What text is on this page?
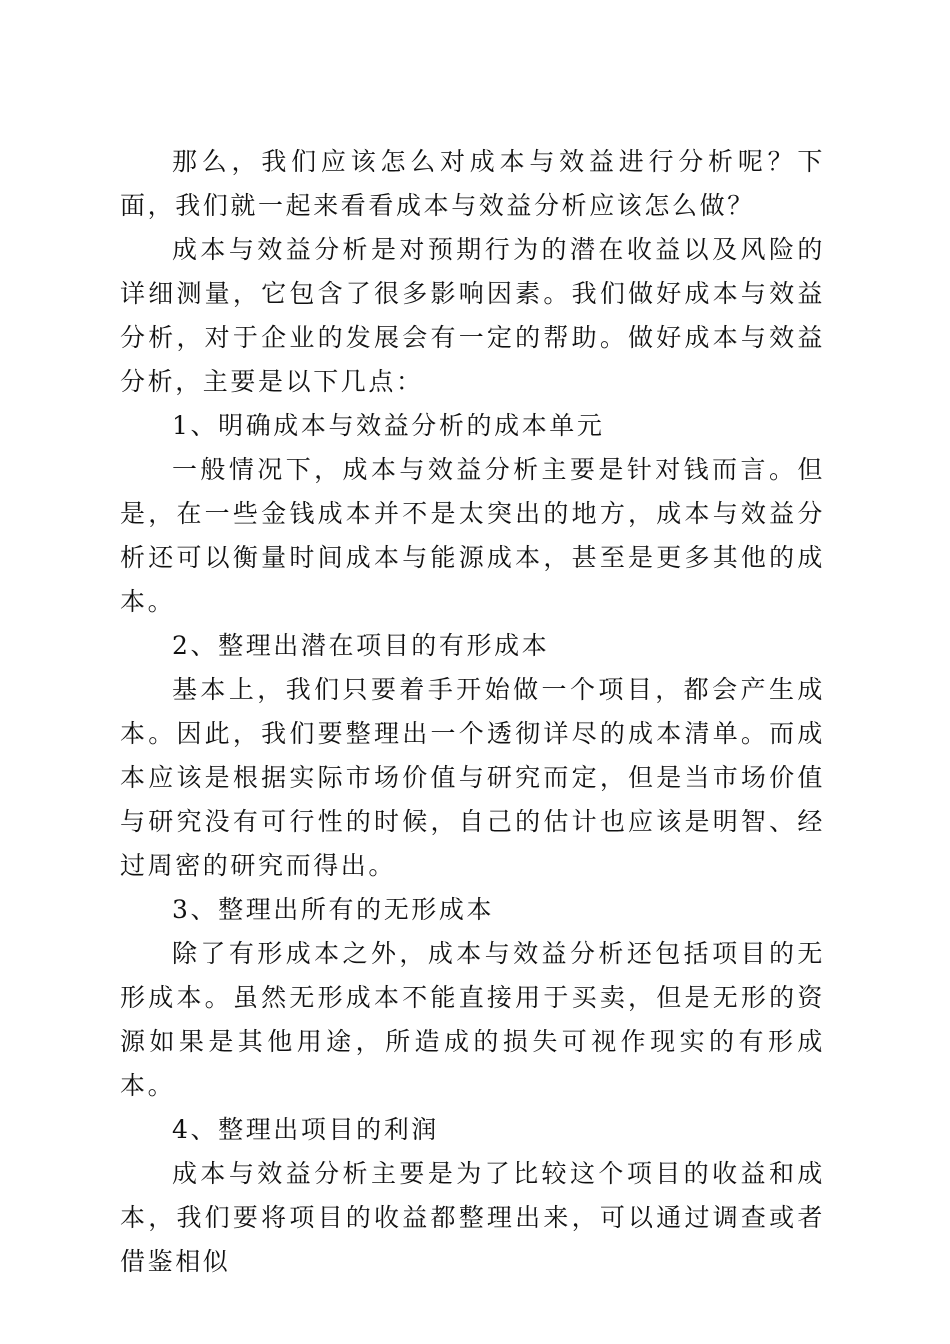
那么，我们应该怎么对成本与效益进行分析呢？下面，我们就一起来看看成本与效益分析应该怎么做？

成本与效益分析是对预期行为的潜在收益以及风险的详细测量，它包含了很多影响因素。我们做好成本与效益分析，对于企业的发展会有一定的帮助。做好成本与效益分析，主要是以下几点：

1、明确成本与效益分析的成本单元

一般情况下，成本与效益分析主要是针对钱而言。但是，在一些金钱成本并不是太突出的地方，成本与效益分析还可以衡量时间成本与能源成本，甚至是更多其他的成本。

2、整理出潜在项目的有形成本

基本上，我们只要着手开始做一个项目，都会产生成本。因此，我们要整理出一个透彻详尽的成本清单。而成本应该是根据实际市场价值与研究而定，但是当市场价值与研究没有可行性的时候，自己的估计也应该是明智、经过周密的研究而得出。

3、整理出所有的无形成本

除了有形成本之外，成本与效益分析还包括项目的无形成本。虽然无形成本不能直接用于买卖，但是无形的资源如果是其他用途，所造成的损失可视作现实的有形成本。

4、整理出项目的利润

成本与效益分析主要是为了比较这个项目的收益和成本，我们要将项目的收益都整理出来，可以通过调查或者借鉴相似
